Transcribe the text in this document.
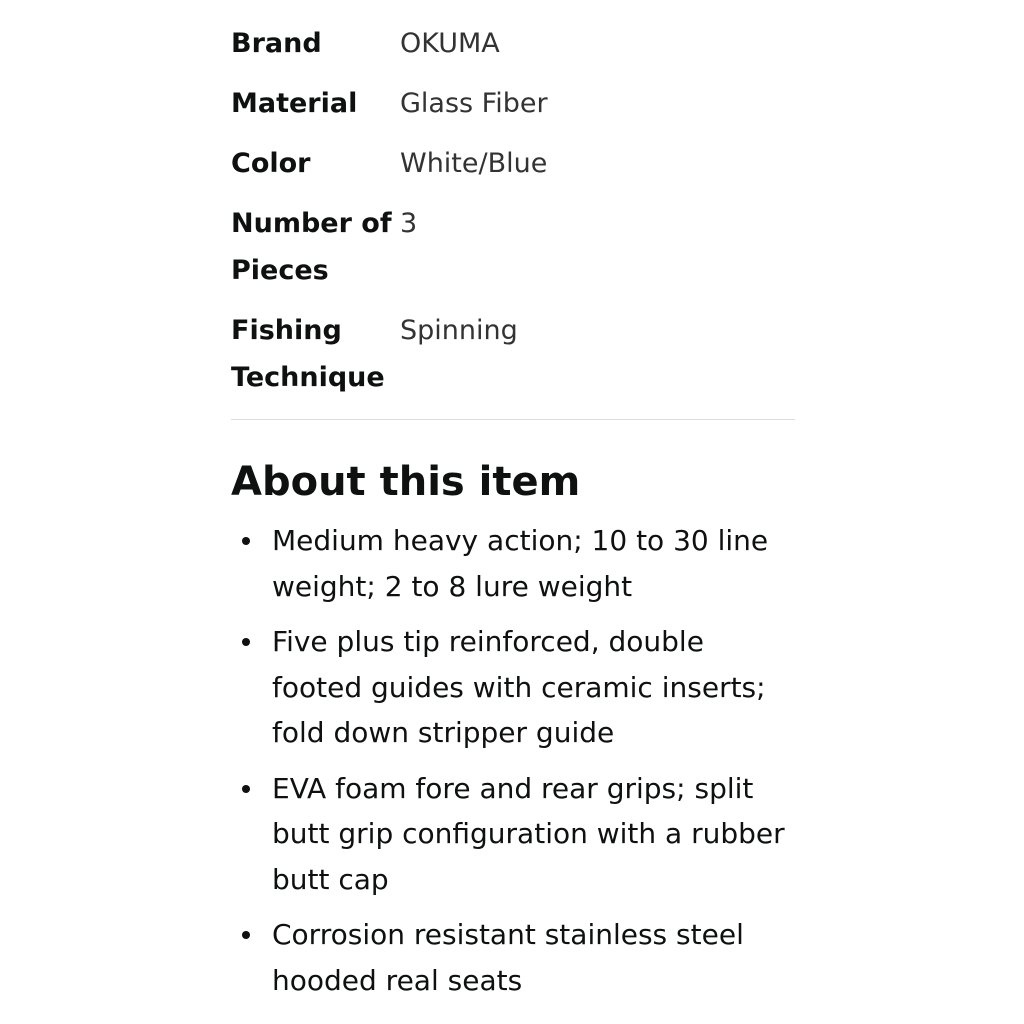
Brand	OKUMA
Material	Glass Fiber
Color	White/Blue
Number of Pieces	3
Fishing Technique	Spinning
About this item
Medium heavy action; 10 to 30 line weight; 2 to 8 lure weight
Five plus tip reinforced, double footed guides with ceramic inserts; fold down stripper guide
EVA foam fore and rear grips; split butt grip configuration with a rubber butt cap
Corrosion resistant stainless steel hooded real seats
